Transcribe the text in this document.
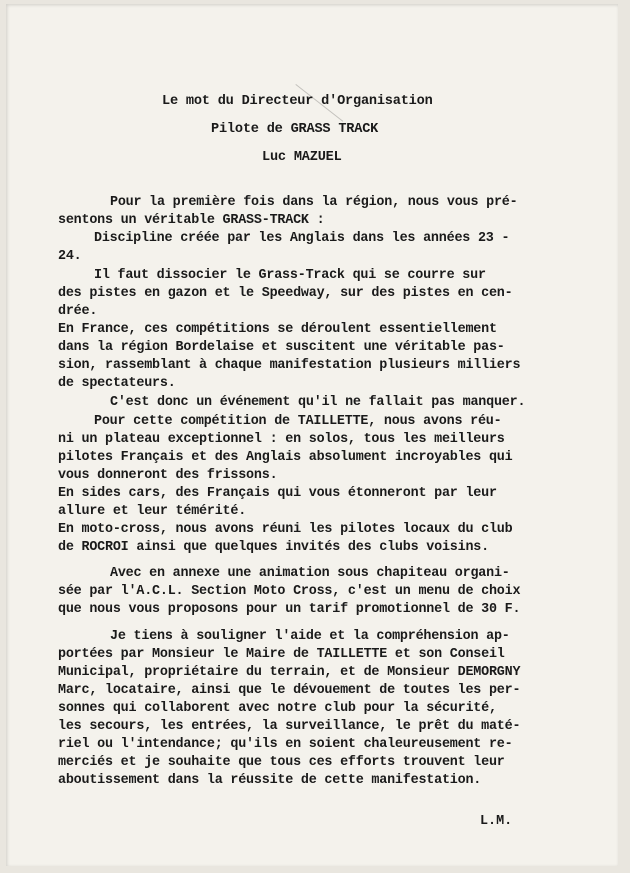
Le mot du Directeur d'Organisation
Pilote de GRASS TRACK
Luc MAZUEL
Pour la première fois dans la région, nous vous pré-
sentons un véritable GRASS-TRACK :
Discipline créée par les Anglais dans les années 23 -
24.
Il faut dissocier le Grass-Track qui se courre sur
des pistes en gazon et le Speedway, sur des pistes en cen-
drée.
En France, ces compétitions se déroulent essentiellement
dans la région Bordelaise et suscitent une véritable pas-
sion, rassemblant à chaque manifestation plusieurs milliers
de spectateurs.
C'est donc un événement qu'il ne fallait pas manquer.
Pour cette compétition de TAILLETTE, nous avons réu-
ni un plateau exceptionnel : en solos, tous les meilleurs
pilotes Français et des Anglais absolument incroyables qui
vous donneront des frissons.
En sides cars, des Français qui vous étonneront par leur
allure et leur témérité.
En moto-cross, nous avons réuni les pilotes locaux du club
de ROCROI ainsi que quelques invités des clubs voisins.
Avec en annexe une animation sous chapiteau organi-
sée par l'A.C.L. Section Moto Cross, c'est un menu de choix
que nous vous proposons pour un tarif promotionnel de 30 F.
Je tiens à souligner l'aide et la compréhension ap-
portées par Monsieur le Maire de TAILLETTE et son Conseil
Municipal, propriétaire du terrain, et de Monsieur DEMORGNY
Marc, locataire, ainsi que le dévouement de toutes les per-
sonnes qui collaborent avec notre club pour la sécurité,
les secours, les entrées, la surveillance, le prêt du maté-
riel ou l'intendance; qu'ils en soient chaleureusement re-
merciés et je souhaite que tous ces efforts trouvent leur
aboutissement dans la réussite de cette manifestation.
L.M.
